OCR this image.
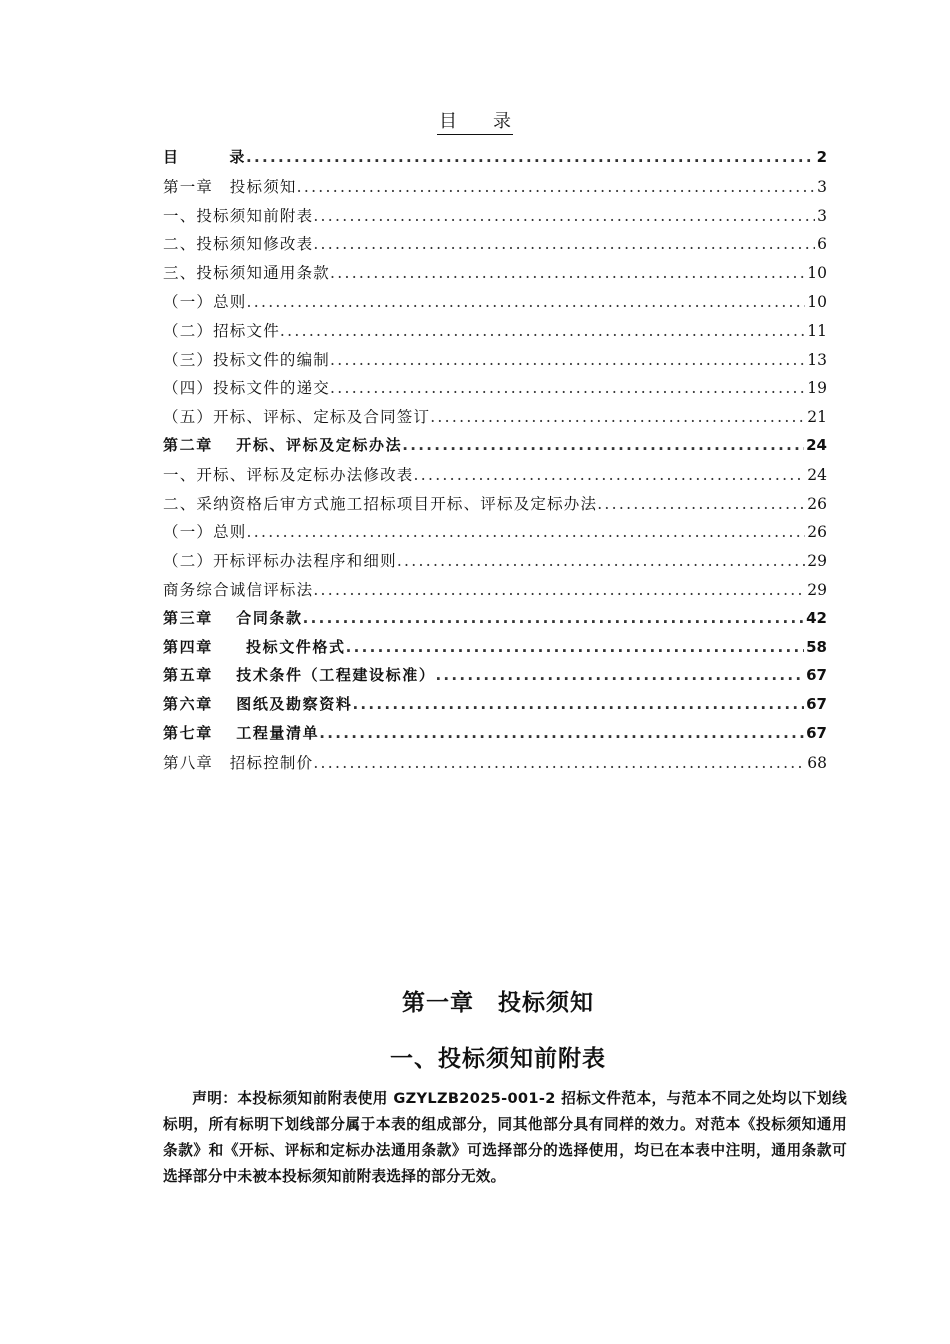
目　　录
目　　　录 .....	2
第一章　投标须知 .....	3
一、投标须知前附表 .....	3
二、投标须知修改表 .....	6
三、投标须知通用条款 .....	10
（一）总则 .....	10
（二）招标文件 .....	11
（三）投标文件的编制 .....	13
（四）投标文件的递交 .....	19
（五）开标、评标、定标及合同签订 .....	21
第二章　 开标、评标及定标办法 .....	24
一、开标、评标及定标办法修改表 .....	24
二、采纳资格后审方式施工招标项目开标、评标及定标办法 .....	26
（一）总则 .....	26
（二）开标评标办法程序和细则 .....	29
商务综合诚信评标法 .....	29
第三章　 合同条款 .....	42
第四章　　投标文件格式 .....	58
第五章　 技术条件（工程建设标准） .....	67
第六章　 图纸及勘察资料 .....	67
第七章　 工程量清单 .....	67
第八章　招标控制价 .....	68
第一章　投标须知
一、投标须知前附表
声明：本投标须知前附表使用 GZYLZB2025-001-2 招标文件范本，与范本不同之处均以下划线标明，所有标明下划线部分属于本表的组成部分，同其他部分具有同样的效力。对范本《投标须知通用条款》和《开标、评标和定标办法通用条款》可选择部分的选择使用，均已在本表中注明，通用条款可选择部分中未被本投标须知前附表选择的部分无效。
